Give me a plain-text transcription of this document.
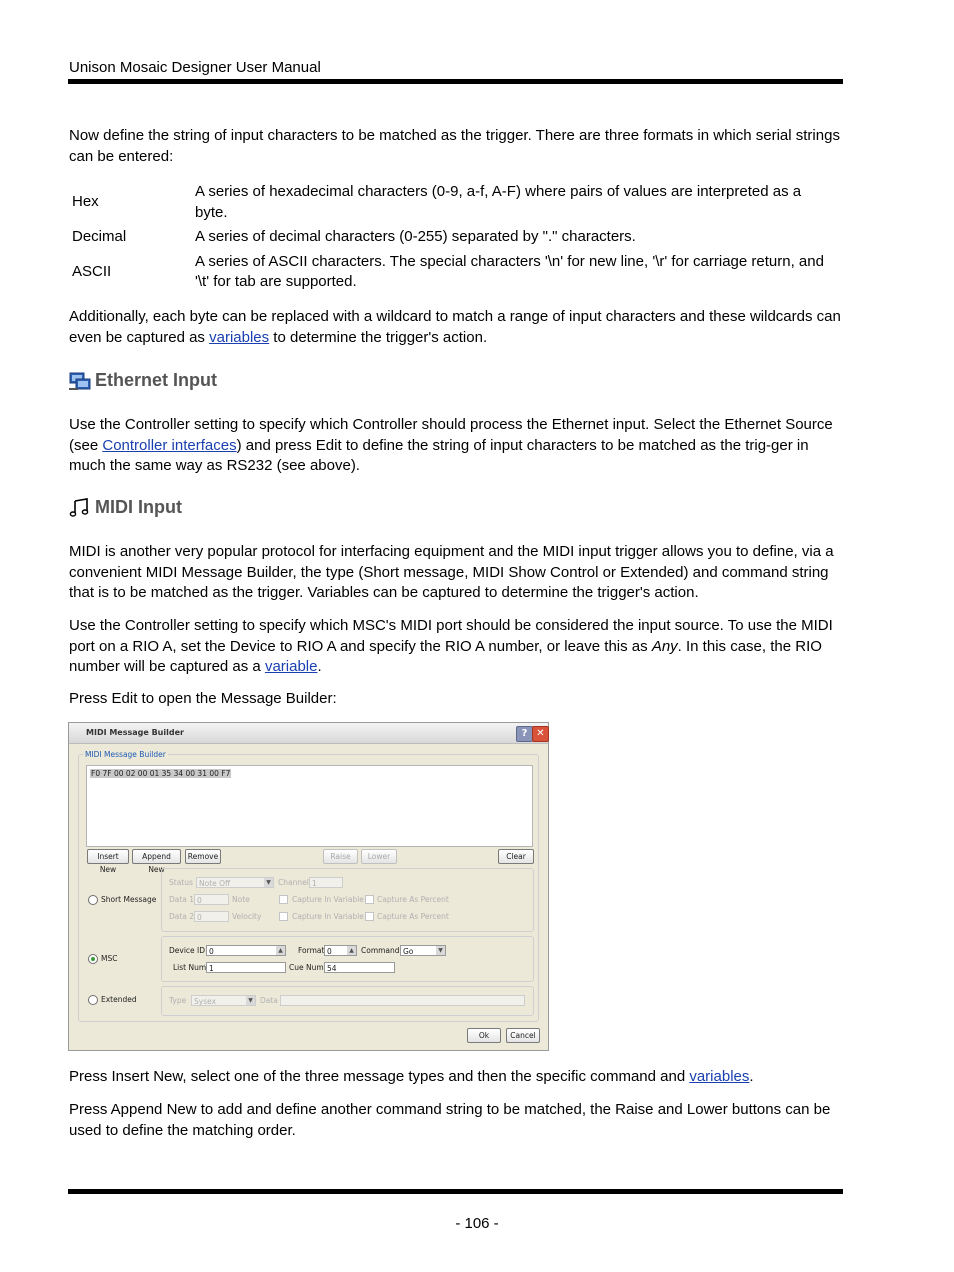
Unison Mosaic Designer User Manual

Now define the string of input characters to be matched as the trigger. There are three formats in which serial strings can be entered:

Hex	A series of hexadecimal characters (0-9, a-f, A-F) where pairs of values are interpreted as a byte.
Decimal	A series of decimal characters (0-255) separated by "." characters.
ASCII	A series of ASCII characters. The special characters '\n' for new line, '\r' for carriage return, and '\t' for tab are supported.

Additionally, each byte can be replaced with a wildcard to match a range of input characters and these wildcards can even be captured as variables to determine the trigger's action.

Ethernet Input

Use the Controller setting to specify which Controller should process the Ethernet input. Select the Ethernet Source (see Controller interfaces) and press Edit to define the string of input characters to be matched as the trig-ger in much the same way as RS232 (see above).

MIDI Input

MIDI is another very popular protocol for interfacing equipment and the MIDI input trigger allows you to define, via a convenient MIDI Message Builder, the type (Short message, MIDI Show Control or Extended) and command string that is to be matched as the trigger. Variables can be captured to determine the trigger's action.

Use the Controller setting to specify which MSC's MIDI port should be considered the input source. To use the MIDI port on a RIO A, set the Device to RIO A and specify the RIO A number, or leave this as Any. In this case, the RIO number will be captured as a variable.

Press Edit to open the Message Builder:

MIDI Message Builder	? ✕
MIDI Message Builder
F0 7F 00 02 00 01 35 34 00 31 00 F7
Insert New
Append New
Remove	Raise	Lower	Clear
Short Message
Status Note Off	▼ Channel 1
Data 1 0	Note	Capture In Variable Capture As Percent
Data 2 0	Velocity	Capture In Variable Capture As Percent
MSC
Device ID 0	▲ Format 0	▲ Command Go	▼
List Num 1	Cue Num 54
Extended	Type	Sysex	▼ Data
Ok	Cancel

Press Insert New, select one of the three message types and then the specific command and variables.

Press Append New to add and define another command string to be matched, the Raise and Lower buttons can be used to define the matching order.

- 106 -
